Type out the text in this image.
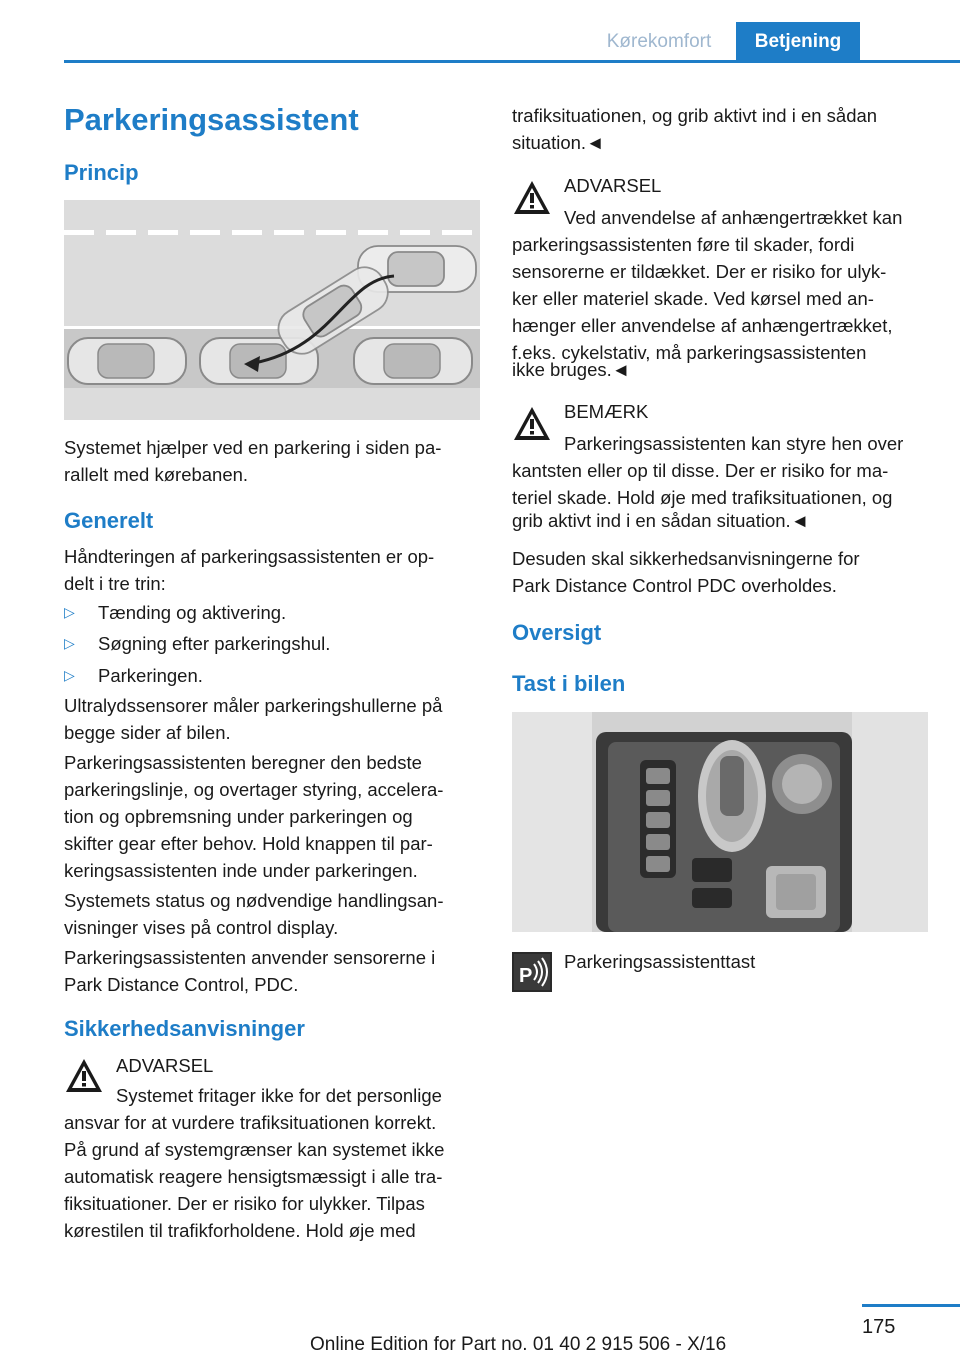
Kørekomfort	Betjening
Parkeringsassistent
Princip
Systemet hjælper ved en parkering i siden pa‐
rallelt med kørebanen.
Generelt
Håndteringen af parkeringsassistenten er op‐
delt i tre trin:
▷ Tænding og aktivering.
▷ Søgning efter parkeringshul.
▷ Parkeringen.
Ultralydssensorer måler parkeringshullerne på
begge sider af bilen.
Parkeringsassistenten beregner den bedste
parkeringslinje, og overtager styring, accelera‐
tion og opbremsning under parkeringen og
skifter gear efter behov. Hold knappen til par‐
keringsassistenten inde under parkeringen.
Systemets status og nødvendige handlingsan‐
visninger vises på control display.
Parkeringsassistenten anvender sensorerne i
Park Distance Control, PDC.
Sikkerhedsanvisninger
ADVARSEL
Systemet fritager ikke for det personlige
ansvar for at vurdere trafiksituationen korrekt.
På grund af systemgrænser kan systemet ikke
automatisk reagere hensigtsmæssigt i alle tra‐
fiksituationer. Der er risiko for ulykker. Tilpas
kørestilen til trafikforholdene. Hold øje med
trafiksituationen, og grib aktivt ind i en sådan
situation.◄
ADVARSEL
Ved anvendelse af anhængertrækket kan
parkeringsassistenten føre til skader, fordi
sensorerne er tildækket. Der er risiko for ulyk‐
ker eller materiel skade. Ved kørsel med an‐
hænger eller anvendelse af anhængertrækket,
f.eks. cykelstativ, må parkeringsassistenten
ikke bruges.◄
BEMÆRK
Parkeringsassistenten kan styre hen over
kantsten eller op til disse. Der er risiko for ma‐
teriel skade. Hold øje med trafiksituationen, og
grib aktivt ind i en sådan situation.◄
Desuden skal sikkerhedsanvisningerne for
Park Distance Control PDC overholdes.
Oversigt
Tast i bilen
P
Parkeringsassistenttast
175
Online Edition for Part no. 01 40 2 915 506 - X/16
